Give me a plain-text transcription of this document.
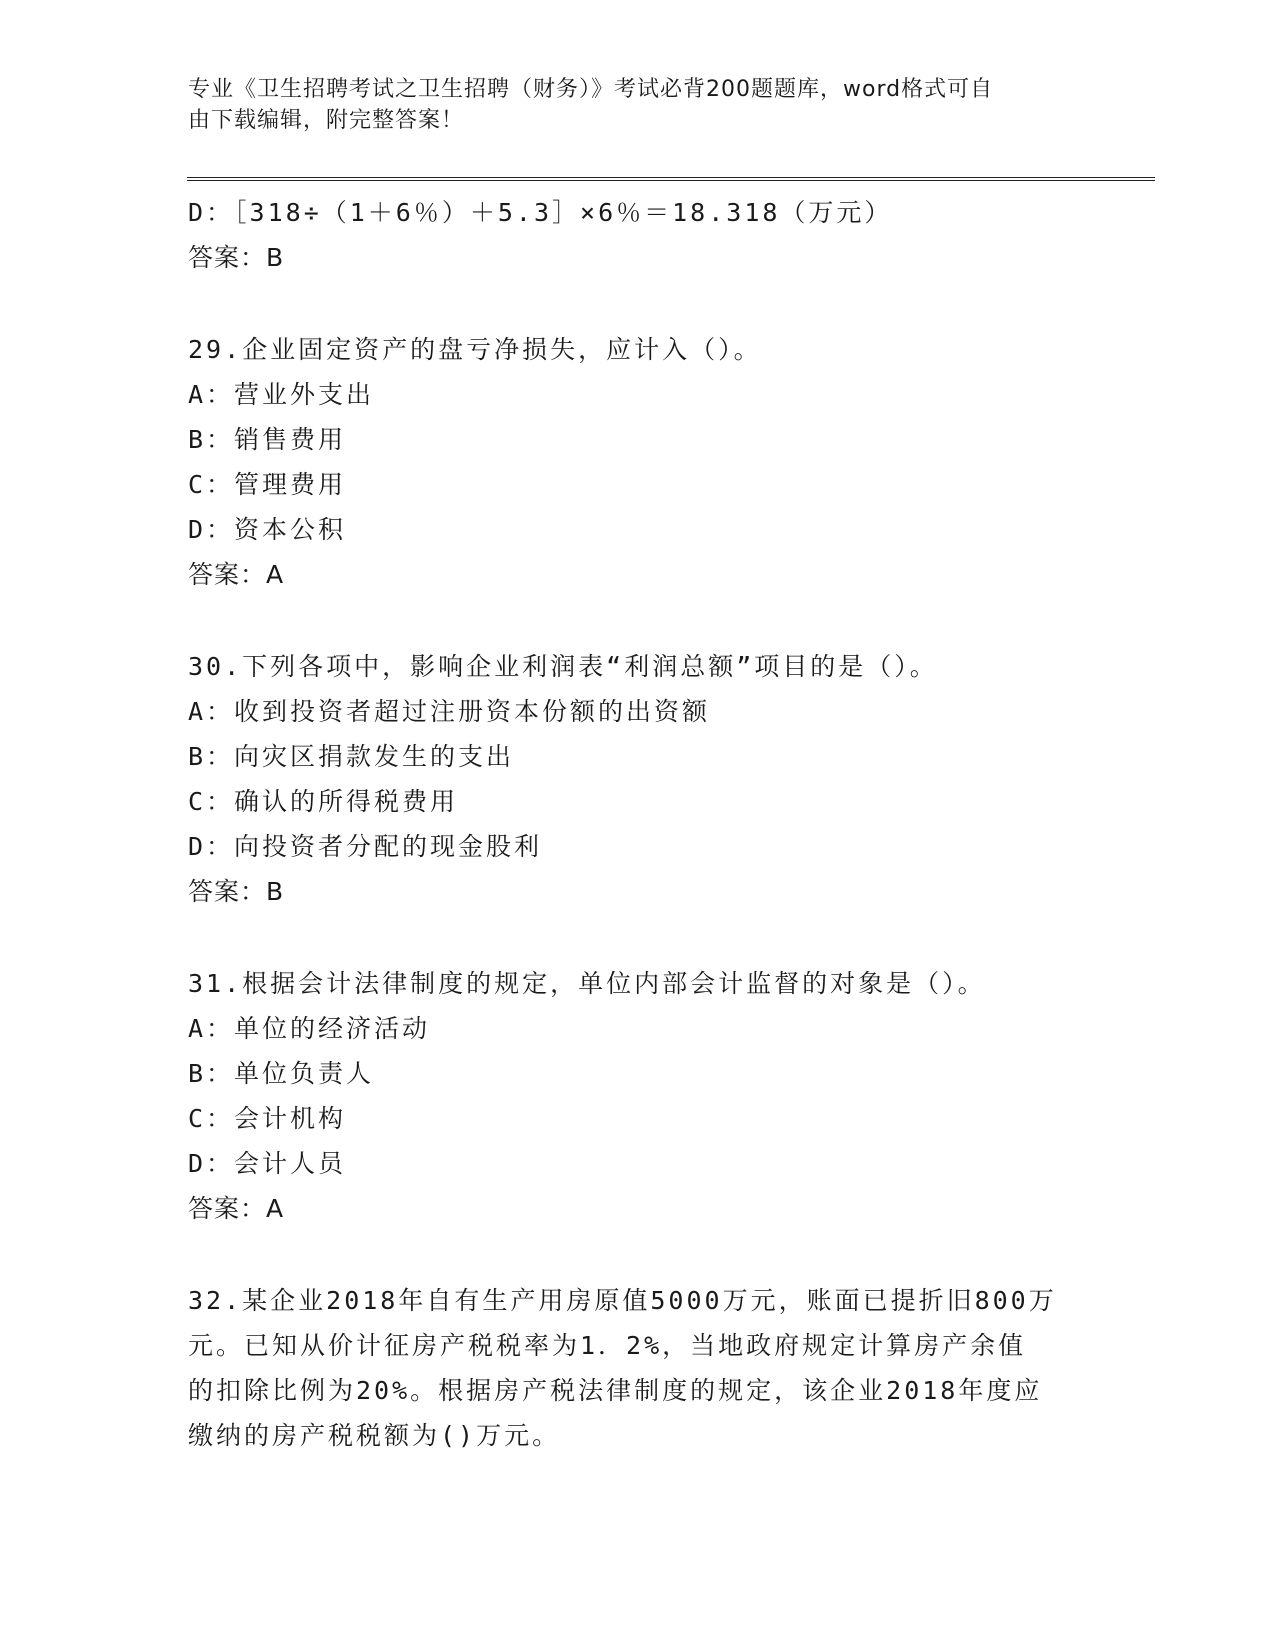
专业《卫生招聘考试之卫生招聘（财务）》考试必背200题题库，word格式可自
由下载编辑，附完整答案！
D：［318÷（1＋6％）＋5.3］×6％＝18.318（万元）
答案：B
29.企业固定资产的盘亏净损失，应计入（）。
A：营业外支出
B：销售费用
C：管理费用
D：资本公积
答案：A
30.下列各项中，影响企业利润表“利润总额”项目的是（）。
A：收到投资者超过注册资本份额的出资额
B：向灾区捐款发生的支出
C：确认的所得税费用
D：向投资者分配的现金股利
答案：B
31.根据会计法律制度的规定，单位内部会计监督的对象是（）。
A：单位的经济活动
B：单位负责人
C：会计机构
D：会计人员
答案：A
32.某企业2018年自有生产用房原值5000万元，账面已提折旧800万
元。已知从价计征房产税税率为1．2%，当地政府规定计算房产余值
的扣除比例为20%。根据房产税法律制度的规定，该企业2018年度应
缴纳的房产税税额为()万元。
